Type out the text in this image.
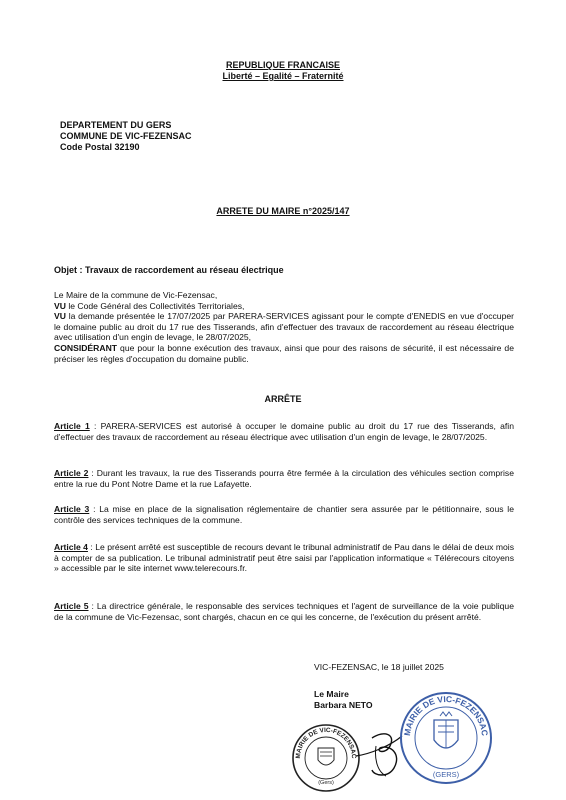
REPUBLIQUE FRANCAISE
Liberté – Egalité – Fraternité
DEPARTEMENT DU GERS
COMMUNE DE VIC-FEZENSAC
Code Postal 32190
ARRETE DU MAIRE n°2025/147
Objet : Travaux de raccordement au réseau électrique
Le Maire de la commune de Vic-Fezensac,
VU le Code Général des Collectivités Territoriales,
VU la demande présentée le 17/07/2025 par PARERA-SERVICES agissant pour le compte d'ENEDIS en vue d'occuper le domaine public au droit du 17 rue des Tisserands, afin d'effectuer des travaux de raccordement au réseau électrique avec utilisation d'un engin de levage, le 28/07/2025,
CONSIDÉRANT que pour la bonne exécution des travaux, ainsi que pour des raisons de sécurité, il est nécessaire de préciser les règles d'occupation du domaine public.
ARRÊTE
Article 1 : PARERA-SERVICES est autorisé à occuper le domaine public au droit du 17 rue des Tisserands, afin d'effectuer des travaux de raccordement au réseau électrique avec utilisation d'un engin de levage, le 28/07/2025.
Article 2 : Durant les travaux, la rue des Tisserands pourra être fermée à la circulation des véhicules section comprise entre la rue du Pont Notre Dame et la rue Lafayette.
Article 3 : La mise en place de la signalisation réglementaire de chantier sera assurée par le pétitionnaire, sous le contrôle des services techniques de la commune.
Article 4 : Le présent arrêté est susceptible de recours devant le tribunal administratif de Pau dans le délai de deux mois à compter de sa publication. Le tribunal administratif peut être saisi par l'application informatique « Télérecours citoyens » accessible par le site internet www.telerecours.fr.
Article 5 : La directrice générale, le responsable des services techniques et l'agent de surveillance de la voie publique de la commune de Vic-Fezensac, sont chargés, chacun en ce qui les concerne, de l'exécution du présent arrêté.
VIC-FEZENSAC, le 18 juillet 2025
Le Maire
Barbara NETO
MAIRIE DE VIC-FEZENSAC
(Gers)
MAIRIE DE VIC-FEZENSAC
(GERS)
